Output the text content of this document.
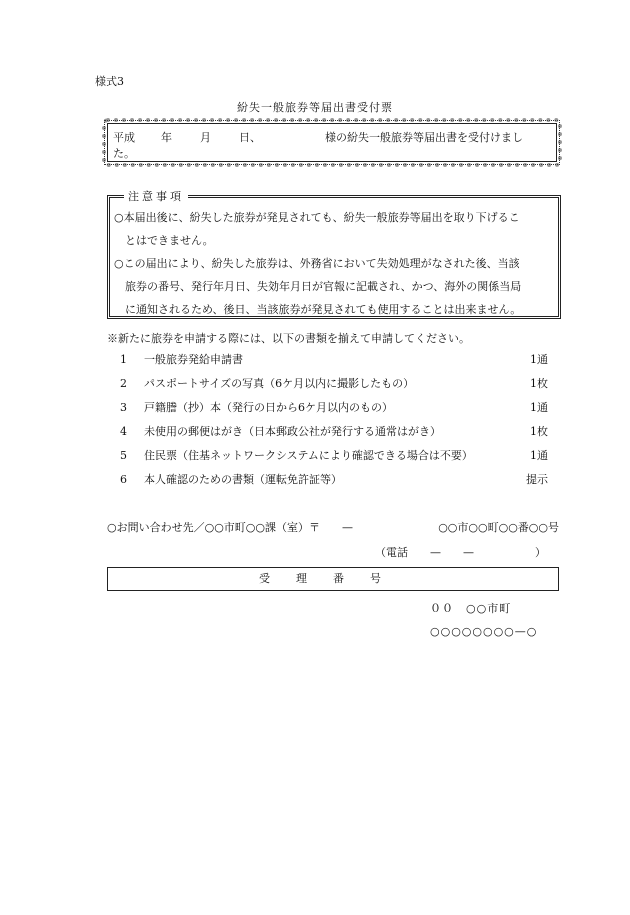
様式3
紛失一般旅券等届出書受付票
平成 年	月	日、	様の紛失一般旅券等届出書を受付けまし
た。
注意事項
○本届出後に、紛失した旅券が発見されても、紛失一般旅券等届出を取り下げるこ
とはできません。
○この届出により、紛失した旅券は、外務省において失効処理がなされた後、当該
旅券の番号、発行年月日、失効年月日が官報に記載され、かつ、海外の関係当局
に通知されるため、後日、当該旅券が発見されても使用することは出来ません。
※新たに旅券を申請する際には、以下の書類を揃えて申請してください。
1 一般旅券発給申請書	1通
2 パスポートサイズの写真（6ケ月以内に撮影したもの）	1枚
3 戸籍謄（抄）本（発行の日から6ケ月以内のもの）	1通
4 未使用の郵便はがき（日本郵政公社が発行する通常はがき）	1枚
5 住民票（住基ネットワークシステムにより確認できる場合は不要）	1通
6 本人確認のための書類（運転免許証等）	提示
○お問い合わせ先／○○市町○○課（室）〒　　—	○○市○○町○○番○○号
（電話　　—　　—	）
受理番号
００　○○市町
○○○○○○○○—○
